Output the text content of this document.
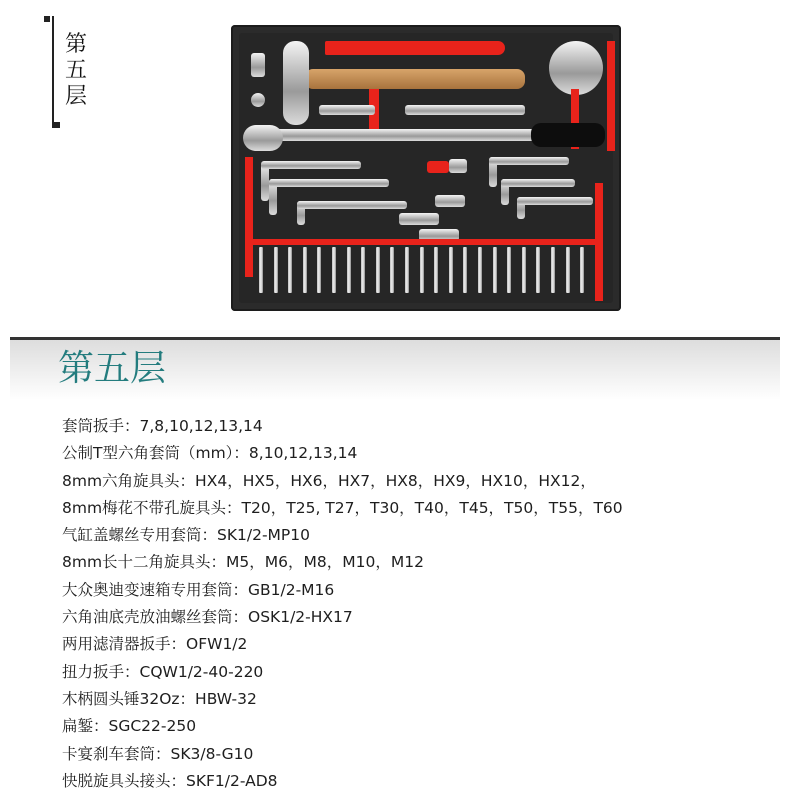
第五层
第五层
套筒扳手：7,8,10,12,13,14
公制T型六角套筒（mm）：8,10,12,13,14
8mm六角旋具头：HX4，HX5，HX6，HX7，HX8，HX9，HX10，HX12，
8mm梅花不带孔旋具头：T20，T25, T27，T30，T40，T45，T50，T55，T60
气缸盖螺丝专用套筒：SK1/2-MP10
8mm长十二角旋具头：M5，M6，M8，M10，M12
大众奥迪变速箱专用套筒：GB1/2-M16
六角油底壳放油螺丝套筒：OSK1/2-HX17
两用滤清器扳手：OFW1/2
扭力扳手：CQW1/2-40-220
木柄圆头锤32Oz：HBW-32
扁錾：SGC22-250
卡宴刹车套筒：SK3/8-G10
快脱旋具头接头：SKF1/2-AD8
